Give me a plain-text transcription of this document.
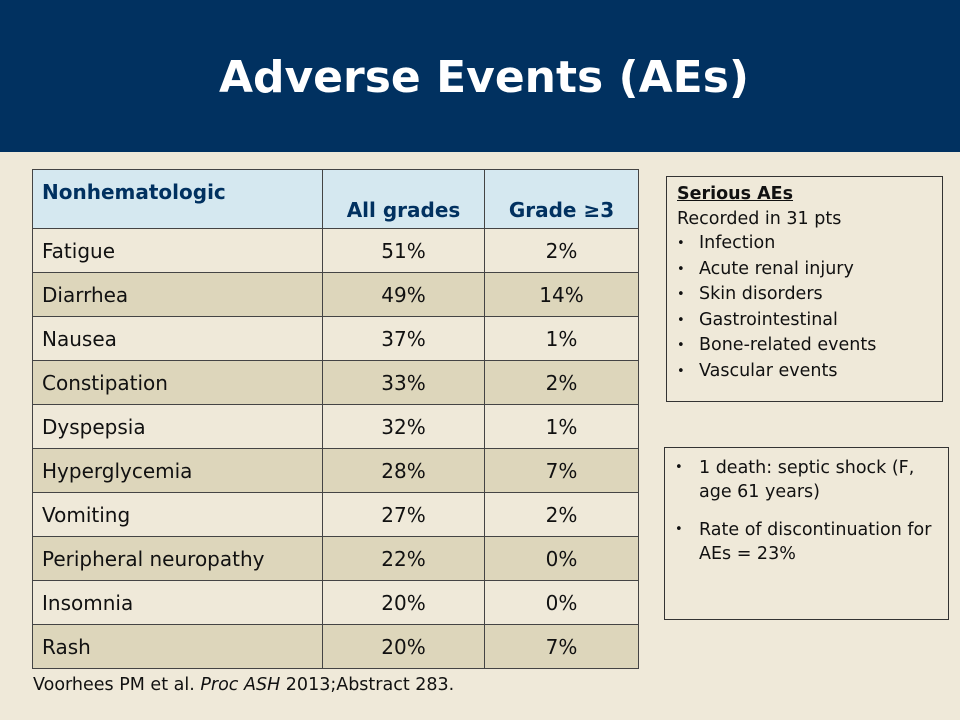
Adverse Events (AEs)
Nonhematologic	All grades	Grade ≥3
Fatigue	51%	2%
Diarrhea	49%	14%
Nausea	37%	1%
Constipation	33%	2%
Dyspepsia	32%	1%
Hyperglycemia	28%	7%
Vomiting	27%	2%
Peripheral neuropathy	22%	0%
Insomnia	20%	0%
Rash	20%	7%
Serious AEs
Recorded in 31 pts
• Infection
• Acute renal injury
• Skin disorders
• Gastrointestinal
• Bone-related events
• Vascular events
• 1 death: septic shock (F, age 61 years)
• Rate of discontinuation for AEs = 23%
Voorhees PM et al. Proc ASH 2013;Abstract 283.
